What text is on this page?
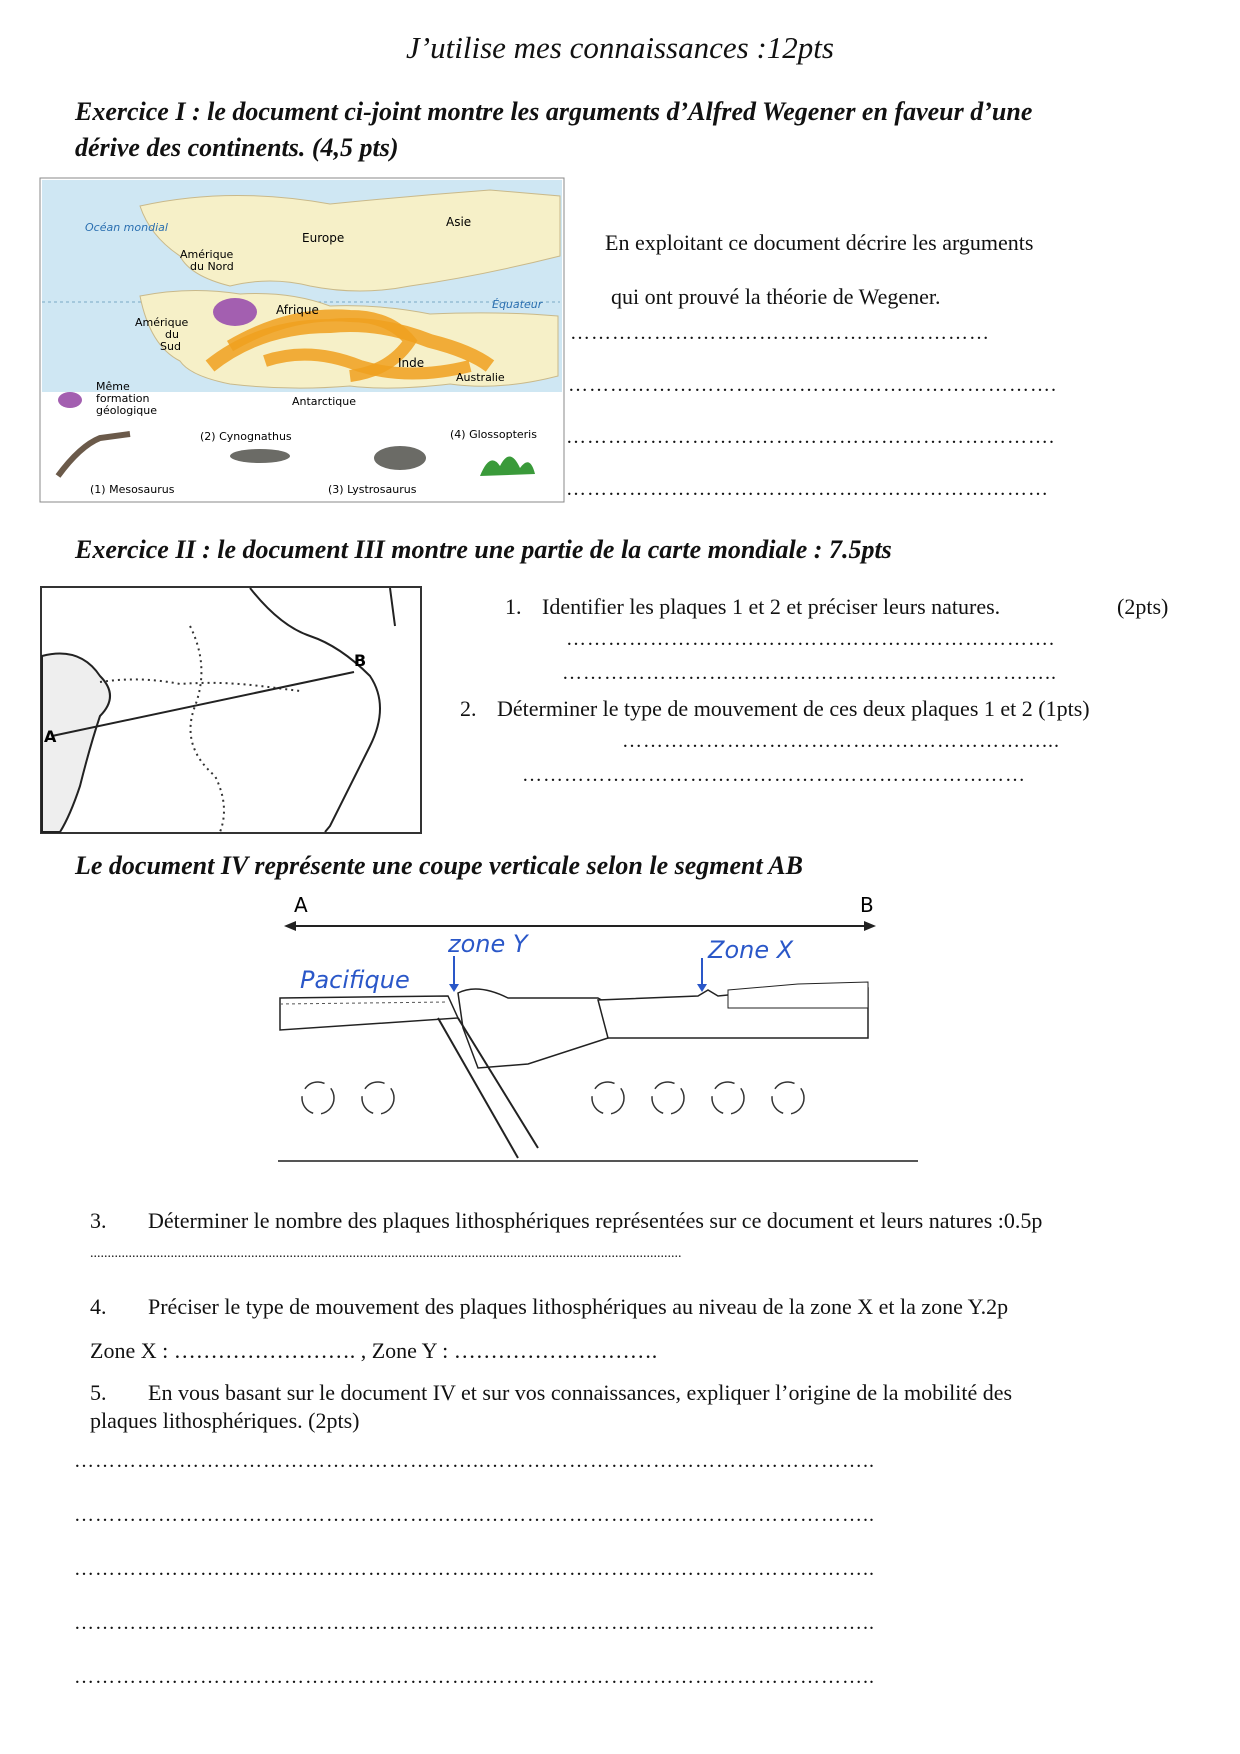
J’utilise mes connaissances :12pts
Exercice I : le document ci-joint montre les arguments d’Alfred Wegener en faveur d’une
dérive des continents. (4,5 pts)
Océan mondial
Europe
Asie
Amérique
du Nord
Afrique	Équateur
Amérique
du
Sud
Inde
Australie
Antarctique
Même
formation
géologique
(1) Mesosaurus
(2) Cynognathus
(3) Lystrosaurus
(4) Glossopteris
En exploitant ce document décrire les arguments
qui ont prouvé la théorie de Wegener.
……………………………………………………
…………………………………………………………….
…………………………………………………………….
……………………………………………………………
Exercice II : le document III montre une partie de la carte mondiale : 7.5pts
A
B
1. Identifier les plaques 1 et 2 et préciser leurs natures.	(2pts)
…………………………………………………………….
……………………………………………………………..
2. Déterminer le type de mouvement de ces deux plaques 1 et 2 (1pts)
……………………………………………………...
………………………………………………………………
Le document IV représente une coupe verticale selon le segment AB
A	B
Pacifique
zone Y	Zone X
3. Déterminer le nombre des plaques lithosphériques représentées sur ce document et leurs natures :0.5p
.........................................................................................................................................................................
4. Préciser le type de mouvement des plaques lithosphériques au niveau de la zone X et la zone Y.2p
Zone X : ……………………. , Zone Y : ……………………….
5. En vous basant sur le document IV et sur vos connaissances, expliquer l’origine de la mobilité des
plaques lithosphériques. (2pts)
…………………………………………………..………………………………………………..
…………………………………………………..………………………………………………..
…………………………………………………..………………………………………………..
…………………………………………………..………………………………………………..
…………………………………………………..………………………………………………..
